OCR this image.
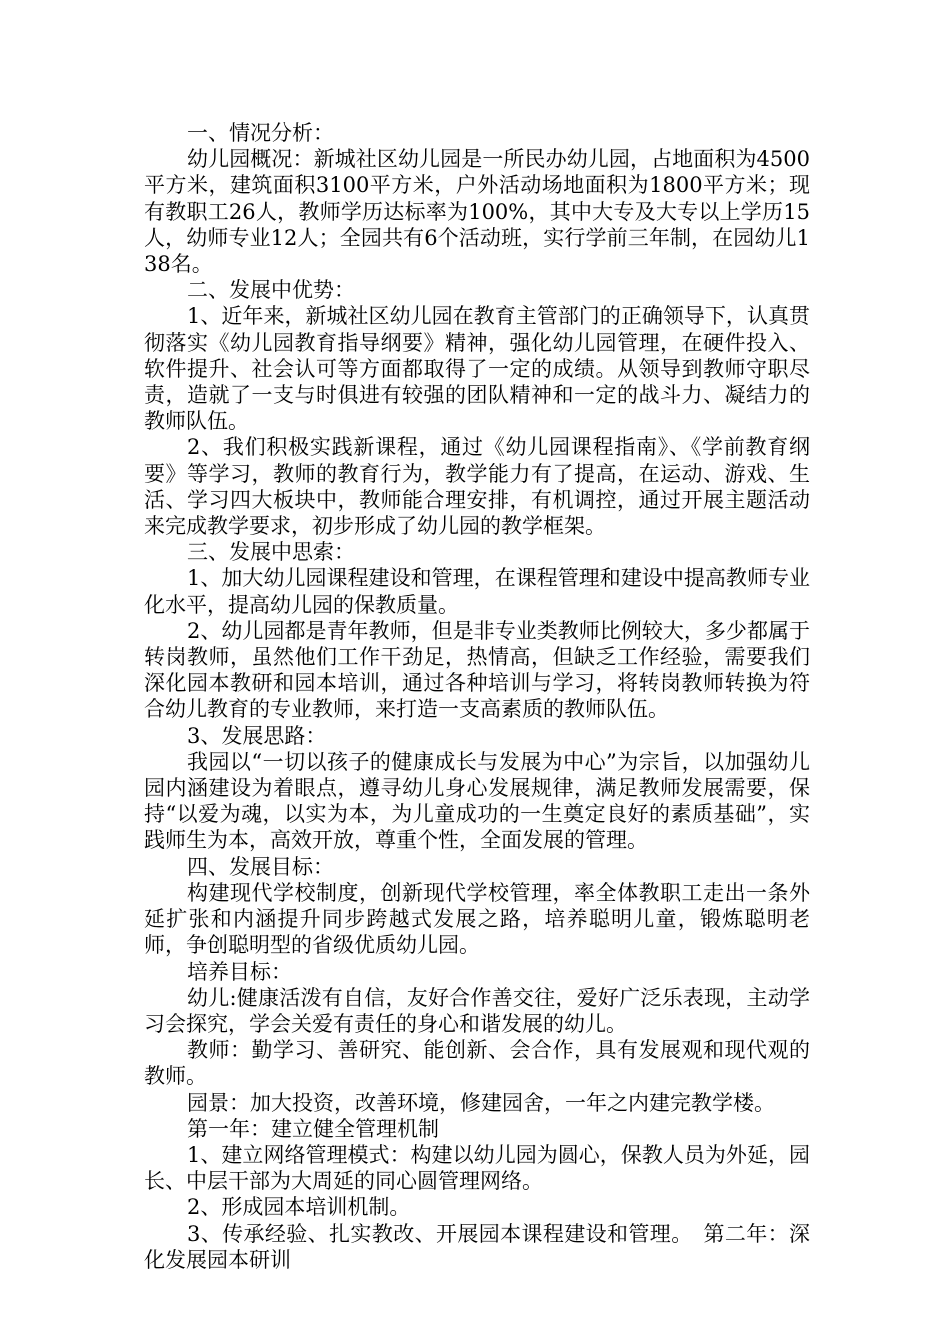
一、情况分析：

幼儿园概况：新城社区幼儿园是一所民办幼儿园，占地面积为4500平方米，建筑面积3100平方米，户外活动场地面积为1800平方米；现有教职工26人，教师学历达标率为100%，其中大专及大专以上学历15人，幼师专业12人；全园共有6个活动班，实行学前三年制，在园幼儿138名。

二、发展中优势：

1、近年来，新城社区幼儿园在教育主管部门的正确领导下，认真贯彻落实《幼儿园教育指导纲要》精神，强化幼儿园管理，在硬件投入、软件提升、社会认可等方面都取得了一定的成绩。从领导到教师守职尽责，造就了一支与时俱进有较强的团队精神和一定的战斗力、凝结力的教师队伍。

2、我们积极实践新课程，通过《幼儿园课程指南》、《学前教育纲要》等学习，教师的教育行为，教学能力有了提高，在运动、游戏、生活、学习四大板块中，教师能合理安排，有机调控，通过开展主题活动来完成教学要求，初步形成了幼儿园的教学框架。

三、发展中思索：

1、加大幼儿园课程建设和管理，在课程管理和建设中提高教师专业化水平，提高幼儿园的保教质量。

2、幼儿园都是青年教师，但是非专业类教师比例较大，多少都属于转岗教师，虽然他们工作干劲足，热情高，但缺乏工作经验，需要我们深化园本教研和园本培训，通过各种培训与学习，将转岗教师转换为符合幼儿教育的专业教师，来打造一支高素质的教师队伍。

3、发展思路：

我园以“一切以孩子的健康成长与发展为中心”为宗旨，以加强幼儿园内涵建设为着眼点，遵寻幼儿身心发展规律，满足教师发展需要，保持“以爱为魂，以实为本，为儿童成功的一生奠定良好的素质基础”，实践师生为本，高效开放，尊重个性，全面发展的管理。

四、发展目标：

构建现代学校制度，创新现代学校管理，率全体教职工走出一条外延扩张和内涵提升同步跨越式发展之路，培养聪明儿童，锻炼聪明老师，争创聪明型的省级优质幼儿园。

培养目标：

幼儿:健康活泼有自信，友好合作善交往，爱好广泛乐表现，主动学习会探究，学会关爱有责任的身心和谐发展的幼儿。

教师：勤学习、善研究、能创新、会合作，具有发展观和现代观的教师。

园景：加大投资，改善环境，修建园舍，一年之内建完教学楼。

第一年：建立健全管理机制

1、建立网络管理模式：构建以幼儿园为圆心，保教人员为外延，园长、中层干部为大周延的同心圆管理网络。

2、形成园本培训机制。

3、传承经验、扎实教改、开展园本课程建设和管理。　第二年：深化发展园本研训
